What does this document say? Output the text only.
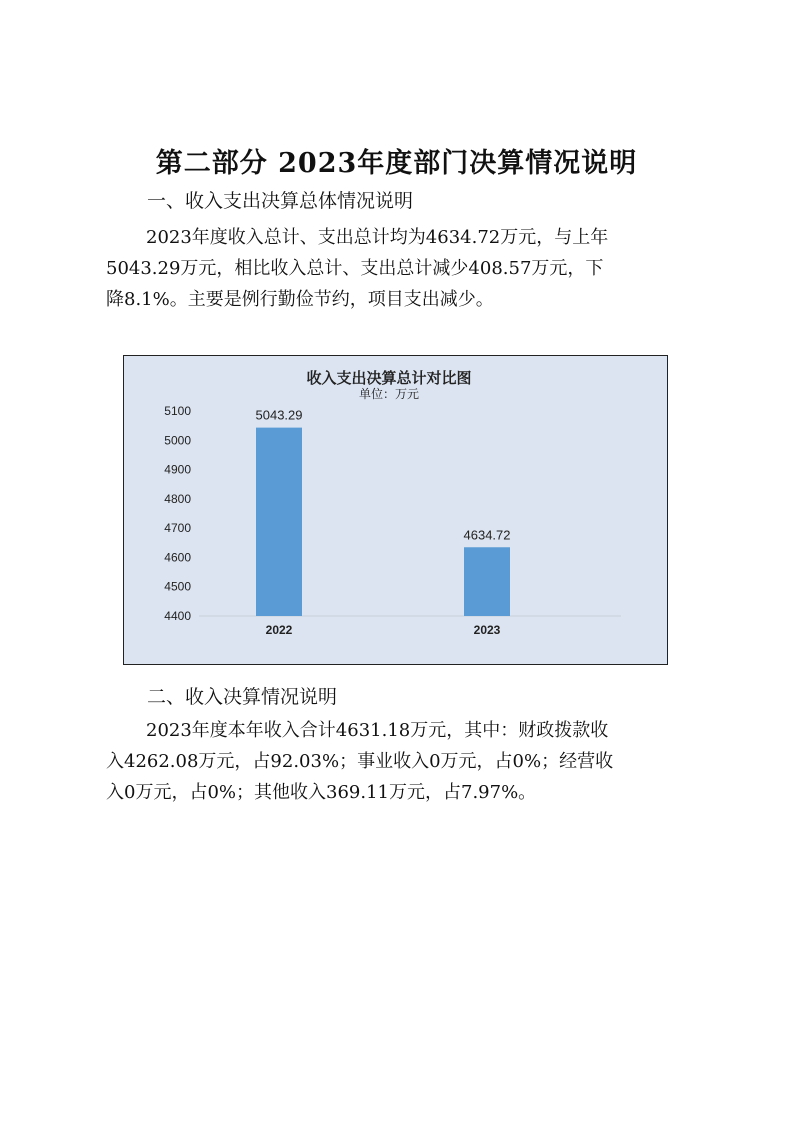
第二部分 2023年度部门决算情况说明
一、收入支出决算总体情况说明
2023年度收入总计、支出总计均为4634.72万元，与上年
5043.29万元，相比收入总计、支出总计减少408.57万元，下
降8.1%。主要是例行勤俭节约，项目支出减少。
收入支出决算总计对比图
单位：万元
4400
4500
4600
4700
4800
4900
5000
5100	5043.29
2022
4634.72
2023
二、收入决算情况说明
2023年度本年收入合计4631.18万元，其中：财政拨款收
入4262.08万元，占92.03%；事业收入0万元，占0%；经营收
入0万元，占0%；其他收入369.11万元，占7.97%。
